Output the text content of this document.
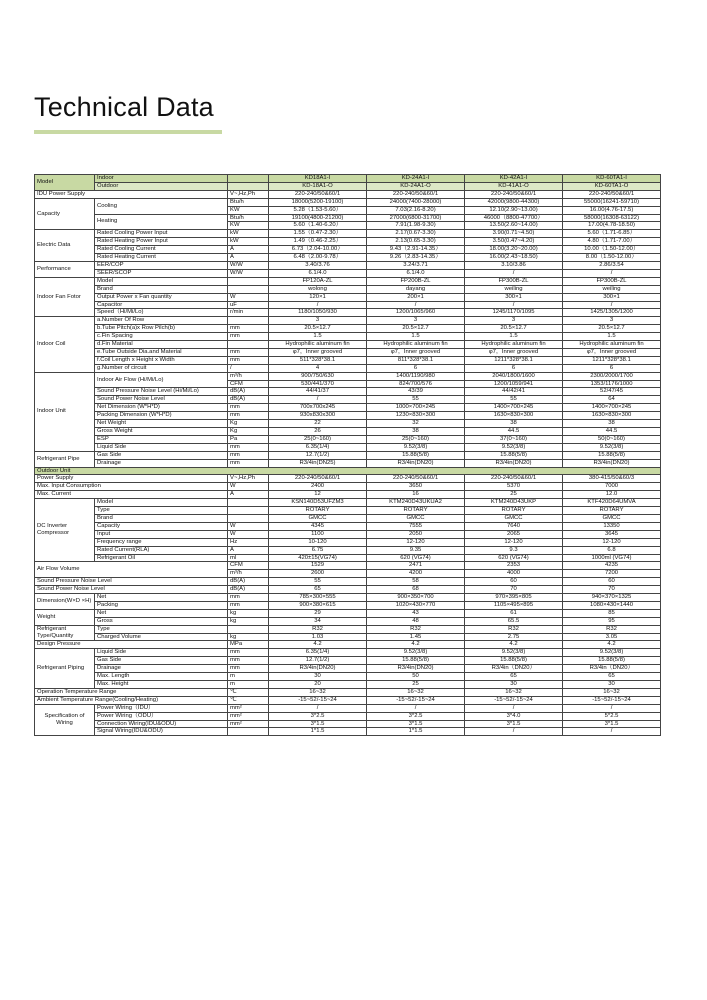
Technical Data
Model	Indoor		KD18A1-I	KD-24A1-I	KD-42A1-I	KD-60TA1-I
	Outdoor		KD-18A1-O	KD-24A1-O	KD-41A1-O	KD-60TA1-O
IDU Power Supply		V~,Hz,Ph	220-240/50&60/1	220-240/50&60/1	220-240/50&60/1	220-240/50&60/1
Capacity	Cooling	Btu/h	18000(5200-19100)	24000(7400-28000)	42000(9800-44300)	55000(16241-59710)
		KW	5.28（1.53-5.60）	7.03(2.16-8.20)	12.10(2.90~13.00)	16.00(4.76-17.5)
	Heating	Btu/h	19100(4800-21200)	27000(6800-31700)	46000（8800-47700）	58000(16308-63122)
		KW	5.60（1.40-6.20）	7.91(1.98-9.30)	13.50(2.60~14.00)	17.00(4.78-18.50)
Electric Data	Rated Cooling Power Input	kW	1.55（0.47-2.30）	2.17(0.67-3.30)	3.90(0.71~4.50)	5.60（1.71-6.85）
	Rated Heating Power Input	kW	1.49（0.46-2.25）	2.13(0.65-3.30)	3.50(0.47~4.20)	4.80（1.71-7.00）
	Rated Cooling Current	A	6.73（2.04-10.00）	9.43（2.91-14.35）	18.00(3.20~20.00)	10.00（1.50-12.00）
	Rated Heating Current	A	6.48（2.00-9.78）	9.26（2.83-14.35）	16.00(2.43~18.50)	8.00（1.50-12.00）
Performance	EER/COP	W/W	3.40/3.76	3.24/3.71	3.10/3.86	2.86/3.54
	SEER/SCOP	W/W	6.1/4.0	6.1/4.0	/	/
Indoor Fan Fotor	Model		FP120A-ZL	FP200B-ZL	FP300B-ZL	FP300B-ZL
	Brand		wolong	dayang	weiling	weiling
	Output Power x Fan quantity	W	120×1	200×1	300×1	300×1
	Capacitor	uF	/	/	/	/
	Speed（Hi/Mi/Lo)	r/min	1180/1050/930	1200/1065/960	1245/1170/1095	1425/1305/1200
Indoor Coil	a.Number Of Row		3	3	3	3
	b.Tube Pitch(a)x Row Pilch(b)	mm	20.5×12.7	20.5×12.7	20.5×12.7	20.5×12.7
	c.Fin Spacing	mm	1.5	1.5	1.5	1.5
	d.Fin Material		Hydrophilic aluminum fin	Hydrophilic aluminum fin	Hydrophilic aluminum fin	Hydrophilic aluminum fin
	e.Tube Outside Dia.and Material	mm	φ7，Inner grooved	φ7，Inner grooved	φ7，Inner grooved	φ7，Inner grooved
	f.Coil Length x Height x Width	mm	511*328*38.1	811*328*38.1	1211*328*38.1	1211*328*38.1
	g.Number of circuit	/	4	6	6	6
Indoor Unit	Indoor Air Flow (Hi/Mi/Lo)	m³/h	900/750/630	1400/1190/980	2040/1800/1600	2300/2000/1700
		CFM	530/441/370	824/700/576	1200/1059/941	1353/1176/1000
	Sound Pressure Noise Level (Hi/Mi/Lo)	dB(A)	44/41/37	43/39	44/42/41	52/47/45
	Sound Power Noise Level	dB(A)	/	55	55	64
	Net Dimension (W*H*D)	mm	700x700x245	1000×700×245	1400×700×245	1400×700×245
	Packing Dimension (W*H*D)	mm	930x830x300	1230×830×300	1630×830×300	1630×830×300
	Net Weight	Kg	22	32	38	38
	Gross Weight	Kg	26	38	44.5	44.5
	ESP	Pa	25(0~160)	25(0~160)	37(0~160)	50(0~160)
	Liquid Side	mm	6.35(1/4)	9.52(3/8)	9.52(3/8)	9.52(3/8)
Refrigerant Pipe	Gas Side	mm	12.7(1/2)	15.88(5/8)	15.88(5/8)	15.88(5/8)
	Drainage	mm	R3/4in(DN25)	R3/4in(DN20)	R3/4in(DN20)	R3/4in(DN20)
Outdoor Unit						
Power Supply		V~,Hz,Ph	220-240/50&60/1	220-240/50&60/1	220-240/50&60/1	380-415/50&60/3
Max. Input Consumption		W	2400	3650	5370	7000
Max. Current		A	12	16	25	12.0
DC Inverter Compressor	Model		KSN140D53UFZM3	KTM240D43UKUA2	KTM240D43UKP	KTF420D64UMVA
	Type		ROTARY	ROTARY	ROTARY	ROTARY
	Brand		GMCC	GMCC	GMCC	GMCC
	Capacity	W	4345	7555	7640	13350
	Input	W	1100	2050	2065	3645
	Frequency range	Hz	10-120	12-120	12-120	12-120
	Rated Current(RLA)	A	6.75	9.35	9.3	6.8
	Refrigerant Oil	ml	420±15(VG74)	620 (VG74)	620 (VG74)	1000ml (VG74)
Air Flow Volume		CFM	1529	2471	2353	4235
		m³/h	2600	4200	4000	7200
Sound Pressure Noise Level		dB(A)	55	58	60	60
Sound Power Noise Level		dB(A)	65	68	70	70
Dimension(W×D ×H)	Net	mm	785×300×555	900×350×700	970×395×805	940×370×1325
	Packing	mm	900×380×615	1020×430×770	1105×495×895	1080×430×1440
Weight	Net	kg	29	43	61	85
	Gross	kg	34	48	65.5	95
Refrigerant Type/Quantity	Type		R32	R32	R32	R32
	Charged Volume	kg	1.03	1.45	2.75	3.05
Design Pressure		MPa	4.2	4.2	4.2	4.2
Refrigerant Piping	Liquid Side	mm	6.35(1/4)	9.52(3/8)	9.52(3/8)	9.52(3/8)
	Gas Side	mm	12.7(1/2)	15.88(5/8)	15.88(5/8)	15.88(5/8)
	Drainage	mm	R3/4in(DN20)	R3/4in(DN20)	R3/4in（DN20）	R3/4in（DN20）
	Max. Length	m	30	50	65	65
	Max. Height	m	20	25	30	30
Operation Temperature Range		℃	16~32	16~32	16~32	16~32
Ambient Temperature Range(Cooling/Heating)		℃	-15~52/-15~24	-15~52/-15~24	-15~52/-15~24	-15~52/-15~24
Specification of Wiring	Power Wiring（IDU）	mm²	/	/	/	/
	Power Wiring（ODU）	mm²	3*2.5	3*2.5	3*4.0	5*2.5
	Connection Wiring(IDU&ODU)	mm²	3*1.5	3*1.5	3*1.5	3*1.5
	Signal Wiring(IDU&ODU)		1*1.5	1*1.5	/	/
